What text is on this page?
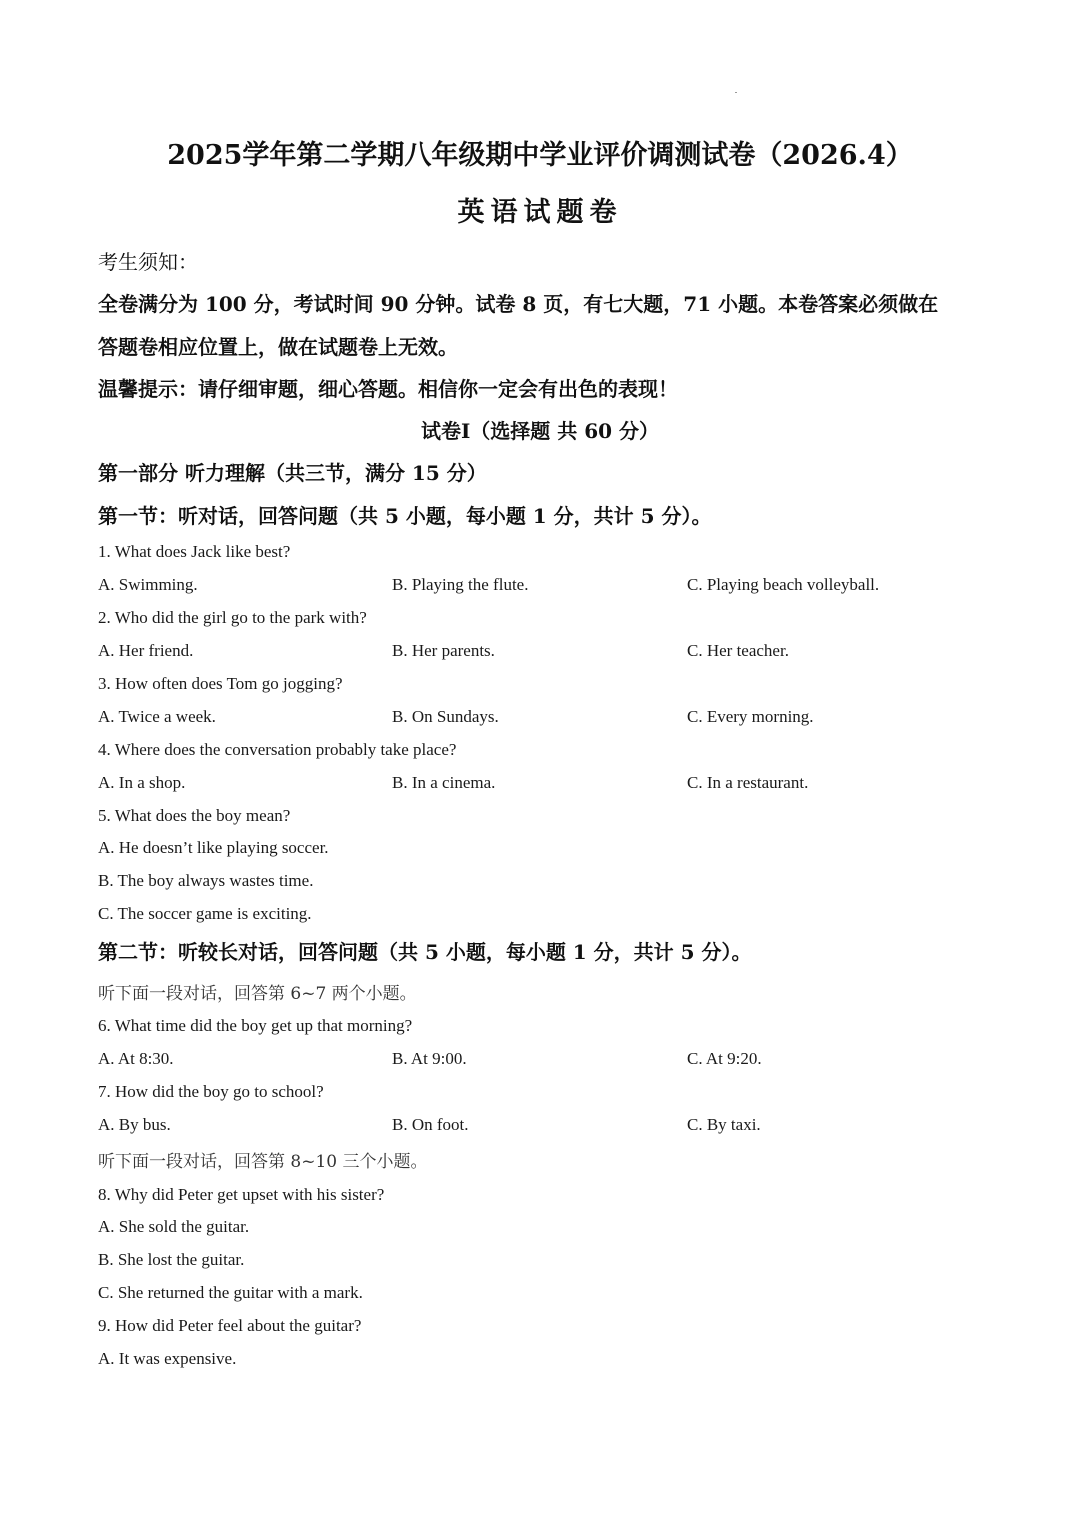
2025学年第二学期八年级期中学业评价调测试卷（2026.4）
英语试题卷
考生须知：
全卷满分为 100 分，考试时间 90 分钟。试卷 8 页，有七大题，71 小题。本卷答案必须做在
答题卷相应位置上，做在试题卷上无效。
温馨提示：请仔细审题，细心答题。相信你一定会有出色的表现！
试卷I（选择题 共 60 分）
第一部分 听力理解（共三节，满分 15 分）
第一节：听对话，回答问题（共 5 小题，每小题 1 分，共计 5 分）。
1. What does Jack like best?
A. Swimming.	B. Playing the flute.	C. Playing beach volleyball.
2. Who did the girl go to the park with?
A. Her friend.	B. Her parents.	C. Her teacher.
3. How often does Tom go jogging?
A. Twice a week.	B. On Sundays.	C. Every morning.
4. Where does the conversation probably take place?
A. In a shop.	B. In a cinema.	C. In a restaurant.
5. What does the boy mean?
A. He doesn’t like playing soccer.
B. The boy always wastes time.
C. The soccer game is exciting.
第二节：听较长对话，回答问题（共 5 小题，每小题 1 分，共计 5 分）。
听下面一段对话，回答第 6~7 两个小题。
6. What time did the boy get up that morning?
A. At 8:30.	B. At 9:00.	C. At 9:20.
7. How did the boy go to school?
A. By bus.	B. On foot.	C. By taxi.
听下面一段对话，回答第 8~10 三个小题。
8. Why did Peter get upset with his sister?
A. She sold the guitar.
B. She lost the guitar.
C. She returned the guitar with a mark.
9. How did Peter feel about the guitar?
A. It was expensive.
